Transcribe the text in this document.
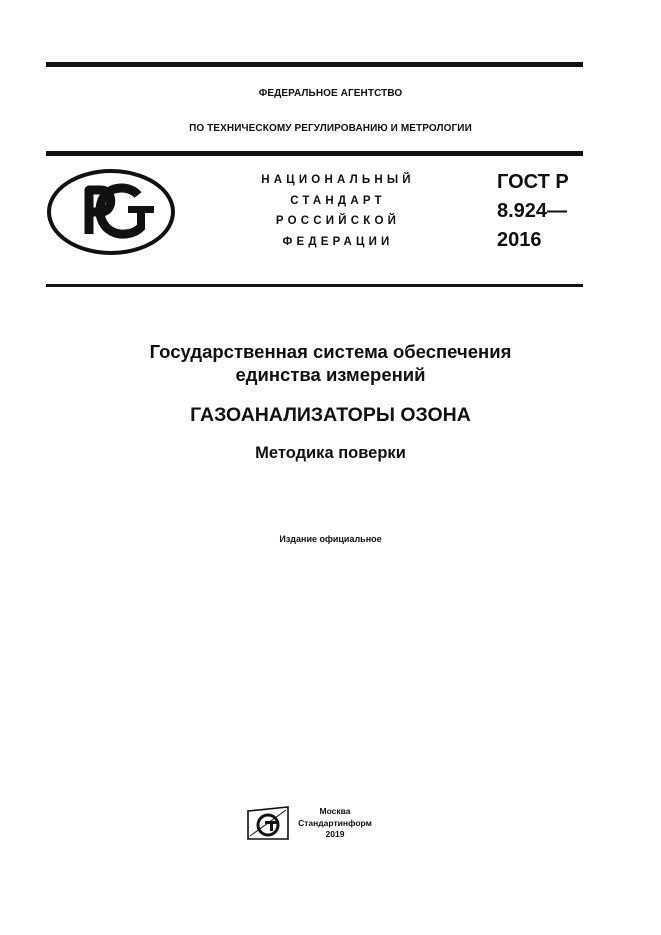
ФЕДЕРАЛЬНОЕ АГЕНТСТВО
ПО ТЕХНИЧЕСКОМУ РЕГУЛИРОВАНИЮ И МЕТРОЛОГИИ
НАЦИОНАЛЬНЫЙ
СТАНДАРТ
РОССИЙСКОЙ
ФЕДЕРАЦИИ
ГОСТ Р
8.924—
2016
Государственная система обеспечения
единства измерений
ГАЗОАНАЛИЗАТОРЫ ОЗОНА
Методика поверки
Издание официальное
Москва
Стандартинформ
2019
